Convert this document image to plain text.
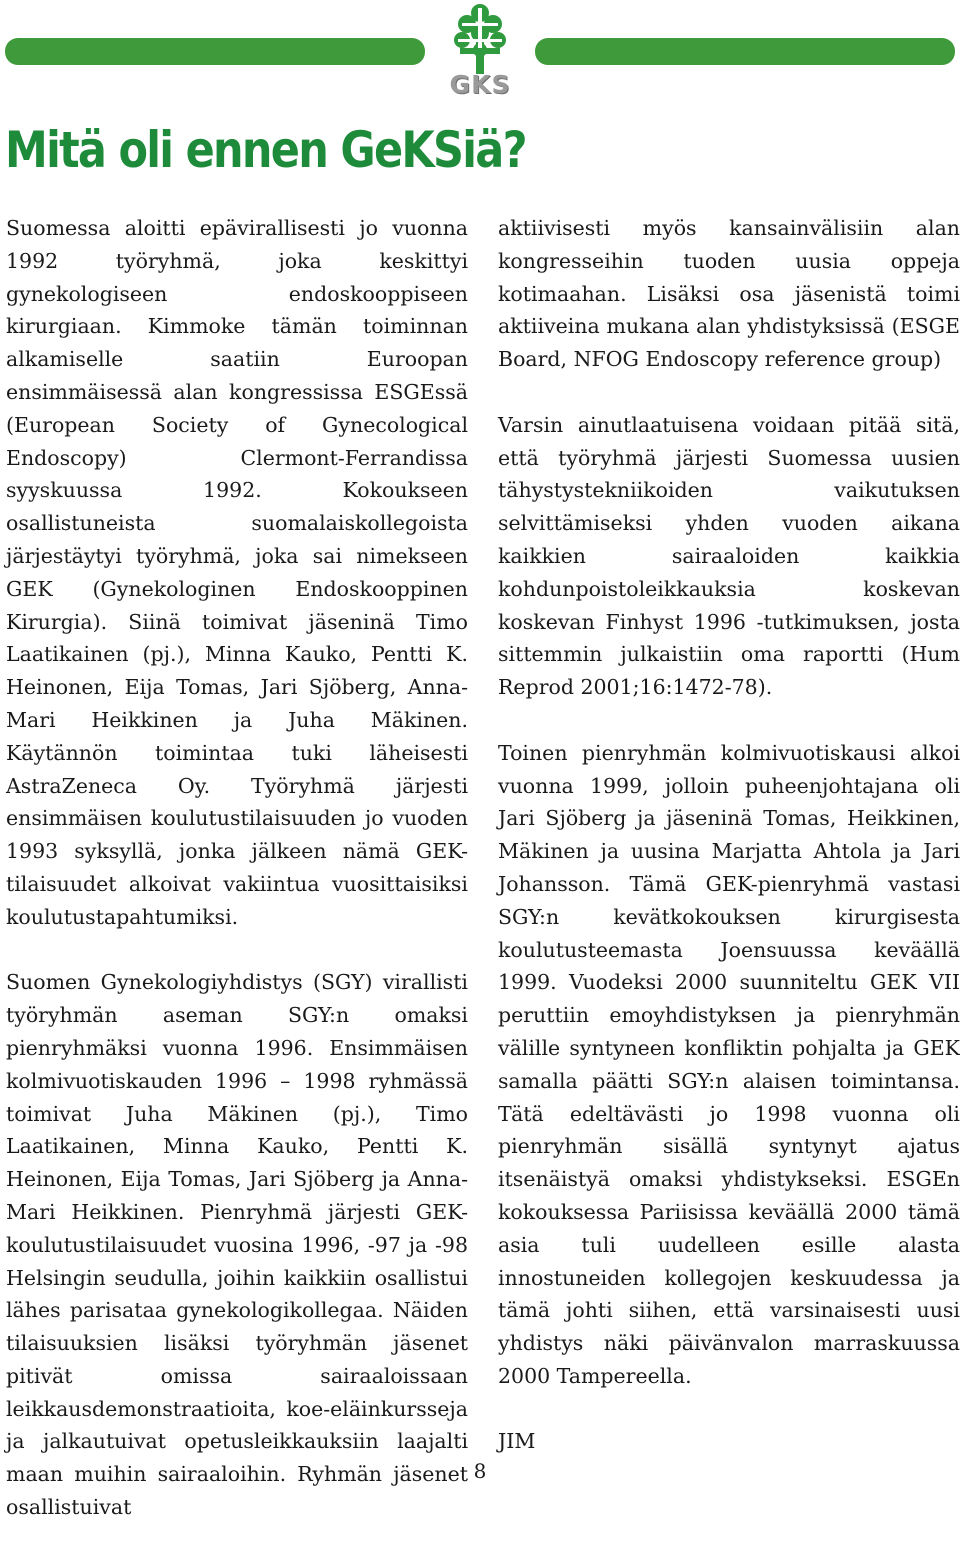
GKS
Mitä oli ennen GeKSiä?

Suomessa aloitti epävirallisesti jo vuonna 1992 työryhmä, joka keskittyi gynekologiseen endoskooppiseen kirurgiaan. Kimmoke tämän toiminnan alkamiselle saatiin Euroopan ensimmäisessä alan kongressissa ESGEssä (European Society of Gynecological Endoscopy) Clermont-Ferrandissa syyskuussa 1992. Kokoukseen osallistuneista suomalaiskollegoista järjestäytyi työryhmä, joka sai nimekseen GEK (Gynekologinen Endoskooppinen Kirurgia). Siinä toimivat jäseninä Timo Laatikainen (pj.), Minna Kauko, Pentti K. Heinonen, Eija Tomas, Jari Sjöberg, Anna-Mari Heikkinen ja Juha Mäkinen. Käytännön toimintaa tuki läheisesti AstraZeneca Oy. Työryhmä järjesti ensimmäisen koulutustilaisuuden jo vuoden 1993 syksyllä, jonka jälkeen nämä GEK-tilaisuudet alkoivat vakiintua vuosittaisiksi koulutustapahtumiksi.

Suomen Gynekologiyhdistys (SGY) virallisti työryhmän aseman SGY:n omaksi pienryhmäksi vuonna 1996. Ensimmäisen kolmivuotiskauden 1996 – 1998 ryhmässä toimivat Juha Mäkinen (pj.), Timo Laatikainen, Minna Kauko, Pentti K. Heinonen, Eija Tomas, Jari Sjöberg ja Anna-Mari Heikkinen. Pienryhmä järjesti GEK-koulutustilaisuudet vuosina 1996, -97 ja -98 Helsingin seudulla, joihin kaikkiin osallistui lähes parisataa gynekologikollegaa. Näiden tilaisuuksien lisäksi työryhmän jäsenet pitivät omissa sairaaloissaan leikkausdemonstraatioita, koe-eläinkursseja ja jalkautuivat opetusleikkauksiin laajalti maan muihin sairaaloihin. Ryhmän jäsenet osallistuivat

aktiivisesti myös kansainvälisiin alan kongresseihin tuoden uusia oppeja kotimaahan. Lisäksi osa jäsenistä toimi aktiiveina mukana alan yhdistyksissä (ESGE Board, NFOG Endoscopy reference group)

Varsin ainutlaatuisena voidaan pitää sitä, että työryhmä järjesti Suomessa uusien tähystystekniikoiden vaikutuksen selvittämiseksi yhden vuoden aikana kaikkien sairaaloiden kaikkia kohdunpoistoleikkauksia koskevan koskevan Finhyst 1996 -tutkimuksen, josta sittemmin julkaistiin oma raportti (Hum Reprod 2001;16:1472-78).

Toinen pienryhmän kolmivuotiskausi alkoi vuonna 1999, jolloin puheenjohtajana oli Jari Sjöberg ja jäseninä Tomas, Heikkinen, Mäkinen ja uusina Marjatta Ahtola ja Jari Johansson. Tämä GEK-pienryhmä vastasi SGY:n kevätkokouksen kirurgisesta koulutusteemasta Joensuussa keväällä 1999. Vuodeksi 2000 suunniteltu GEK VII peruttiin emoyhdistyksen ja pienryhmän välille syntyneen konfliktin pohjalta ja GEK samalla päätti SGY:n alaisen toimintansa. Tätä edeltävästi jo 1998 vuonna oli pienryhmän sisällä syntynyt ajatus itsenäistyä omaksi yhdistykseksi. ESGEn kokouksessa Pariisissa keväällä 2000 tämä asia tuli uudelleen esille alasta innostuneiden kollegojen keskuudessa ja tämä johti siihen, että varsinaisesti uusi yhdistys näki päivänvalon marraskuussa 2000 Tampereella.

JIM

8
